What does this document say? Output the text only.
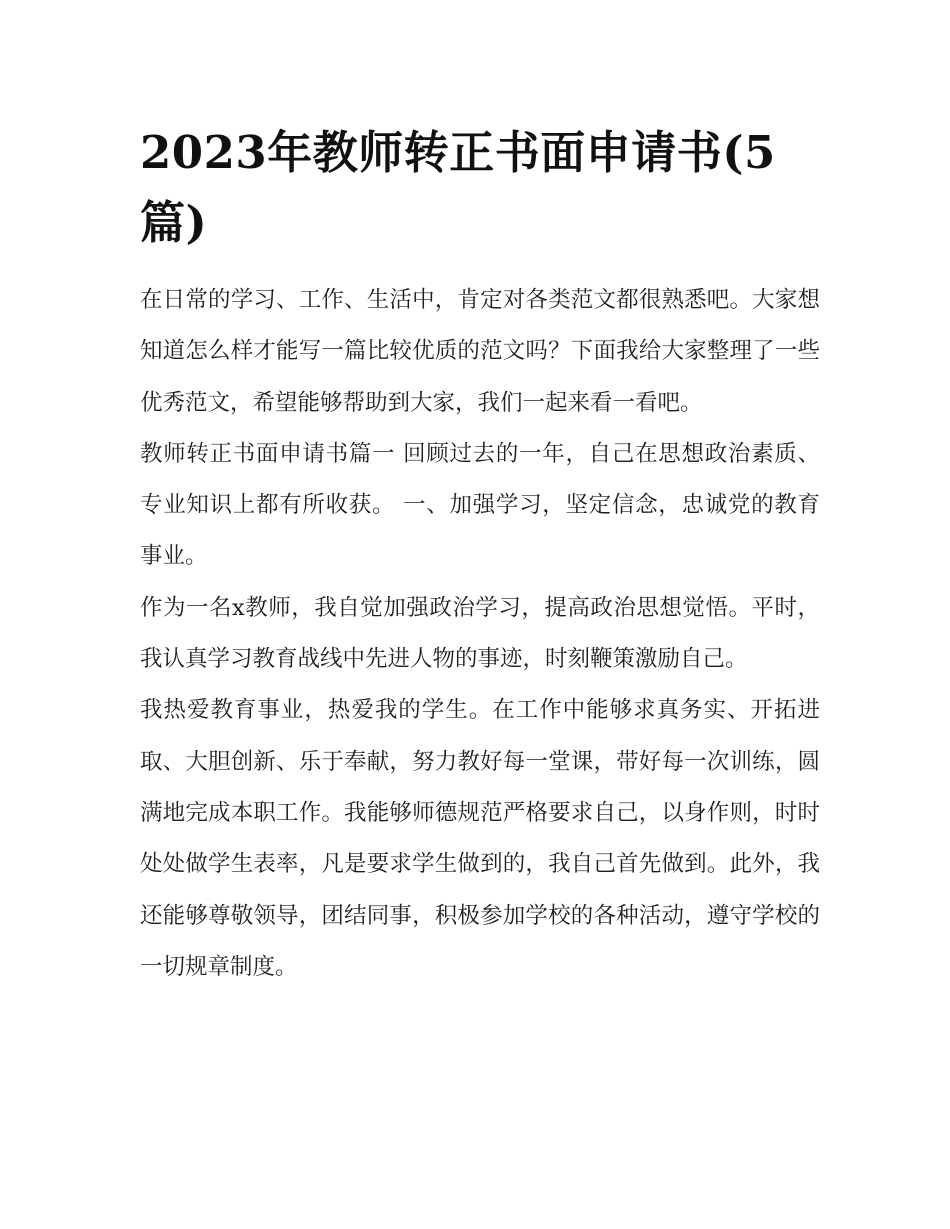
2023年教师转正书面申请书(5篇)

在日常的学习、工作、生活中，肯定对各类范文都很熟悉吧。大家想知道怎么样才能写一篇比较优质的范文吗？下面我给大家整理了一些优秀范文，希望能够帮助到大家，我们一起来看一看吧。

教师转正书面申请书篇一 回顾过去的一年，自己在思想政治素质、专业知识上都有所收获。 一、加强学习，坚定信念，忠诚党的教育事业。

作为一名x教师，我自觉加强政治学习，提高政治思想觉悟。平时，我认真学习教育战线中先进人物的事迹，时刻鞭策激励自己。

我热爱教育事业，热爱我的学生。在工作中能够求真务实、开拓进取、大胆创新、乐于奉献，努力教好每一堂课，带好每一次训练，圆满地完成本职工作。我能够师德规范严格要求自己，以身作则，时时处处做学生表率，凡是要求学生做到的，我自己首先做到。此外，我还能够尊敬领导，团结同事，积极参加学校的各种活动，遵守学校的一切规章制度。
